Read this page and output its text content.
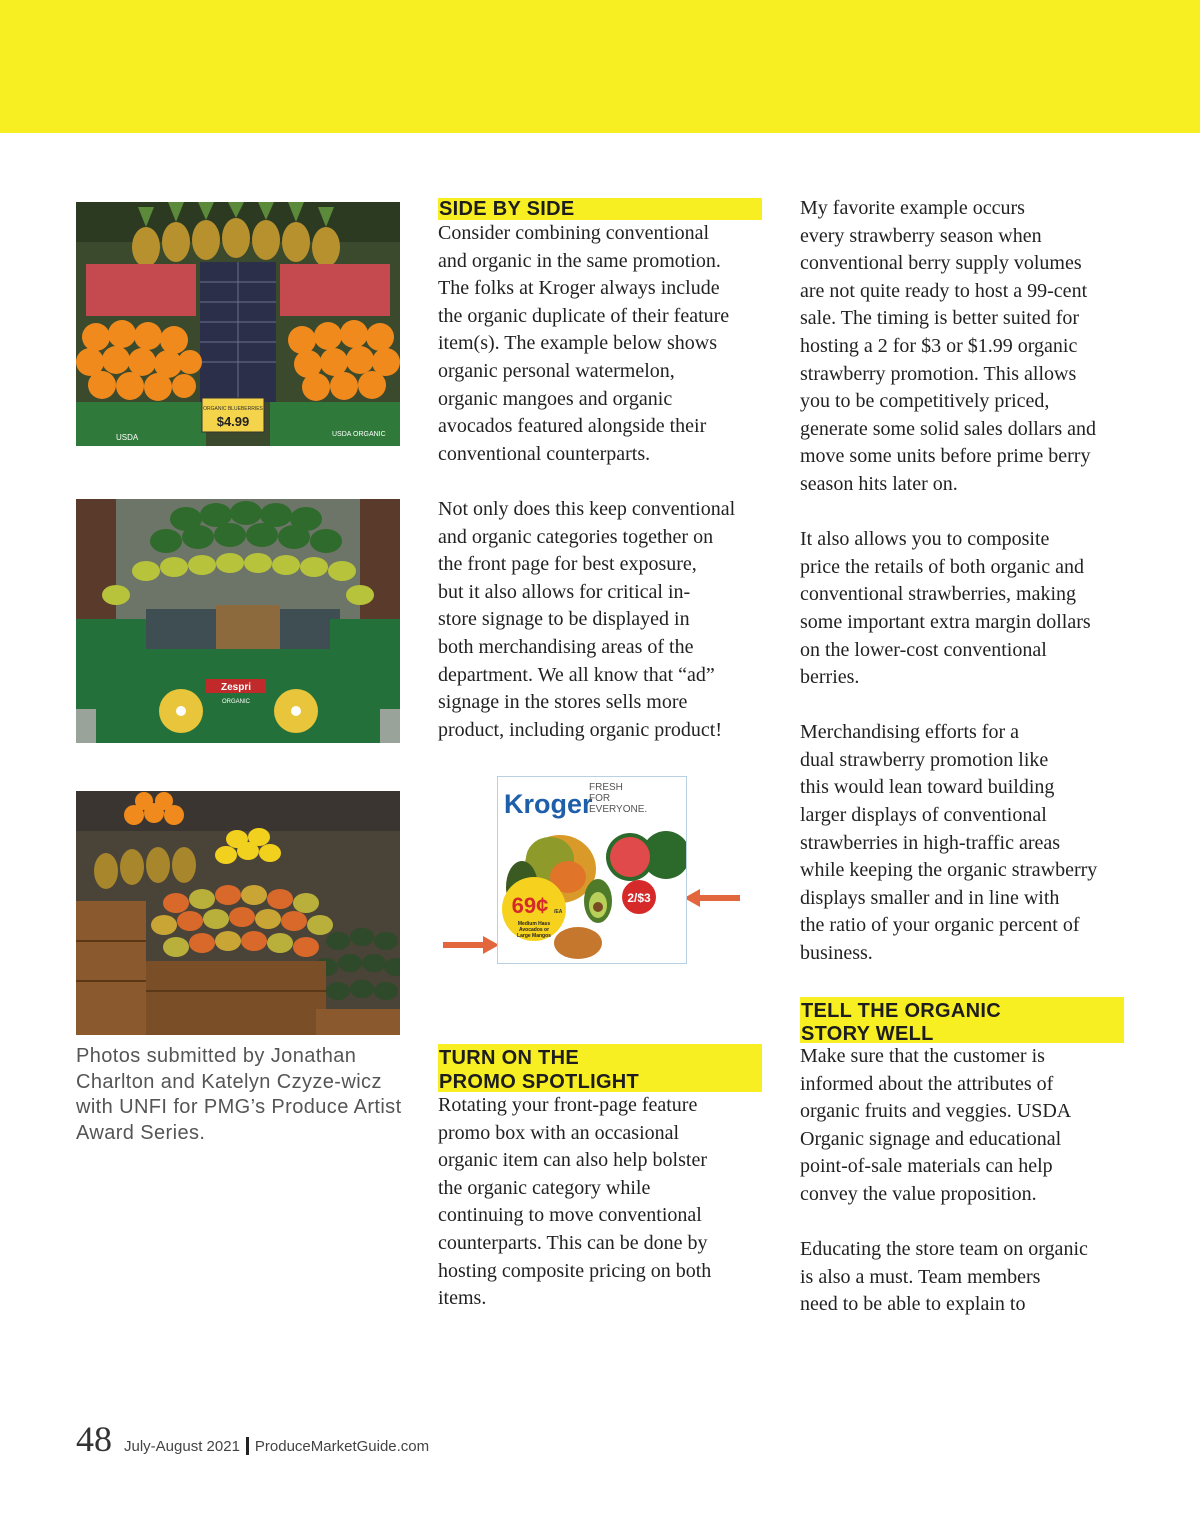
USDA	USDA ORGANIC
ORGANIC BLUEBERRIES
$4.99
Zespri
ORGANIC
Photos submitted by Jonathan Charlton and Katelyn Czyze-wicz with UNFI for PMG’s Produce Artist Award Series.
SIDE BY SIDE
Consider combining conventional
and organic in the same promotion.
The folks at Kroger always include
the organic duplicate of their feature
item(s). The example below shows
organic personal watermelon,
organic mangoes and organic
avocados featured alongside their
conventional counterparts.
Not only does this keep conventional
and organic categories together on
the front page for best exposure,
but it also allows for critical in-
store signage to be displayed in
both merchandising areas of the
department. We all know that “ad”
signage in the stores sells more
product, including organic product!
Kroger
FRESH
FOR
EVERYONE.
2/$3
69¢ /EA
Medium Hass
Avocados or
Large Mangos
TURN ON THE
PROMO SPOTLIGHT
Rotating your front-page feature
promo box with an occasional
organic item can also help bolster
the organic category while
continuing to move conventional
counterparts. This can be done by
hosting composite pricing on both
items.
My favorite example occurs
every strawberry season when
conventional berry supply volumes
are not quite ready to host a 99-cent
sale. The timing is better suited for
hosting a 2 for $3 or $1.99 organic
strawberry promotion. This allows
you to be competitively priced,
generate some solid sales dollars and
move some units before prime berry
season hits later on.
It also allows you to composite
price the retails of both organic and
conventional strawberries, making
some important extra margin dollars
on the lower-cost conventional
berries.
Merchandising efforts for a
dual strawberry promotion like
this would lean toward building
larger displays of conventional
strawberries in high-traffic areas
while keeping the organic strawberry
displays smaller and in line with
the ratio of your organic percent of
business.
TELL THE ORGANIC
STORY WELL
Make sure that the customer is
informed about the attributes of
organic fruits and veggies. USDA
Organic signage and educational
point-of-sale materials can help
convey the value proposition.
Educating the store team on organic
is also a must. Team members
need to be able to explain to
48 July-August 2021 ProduceMarketGuide.com
